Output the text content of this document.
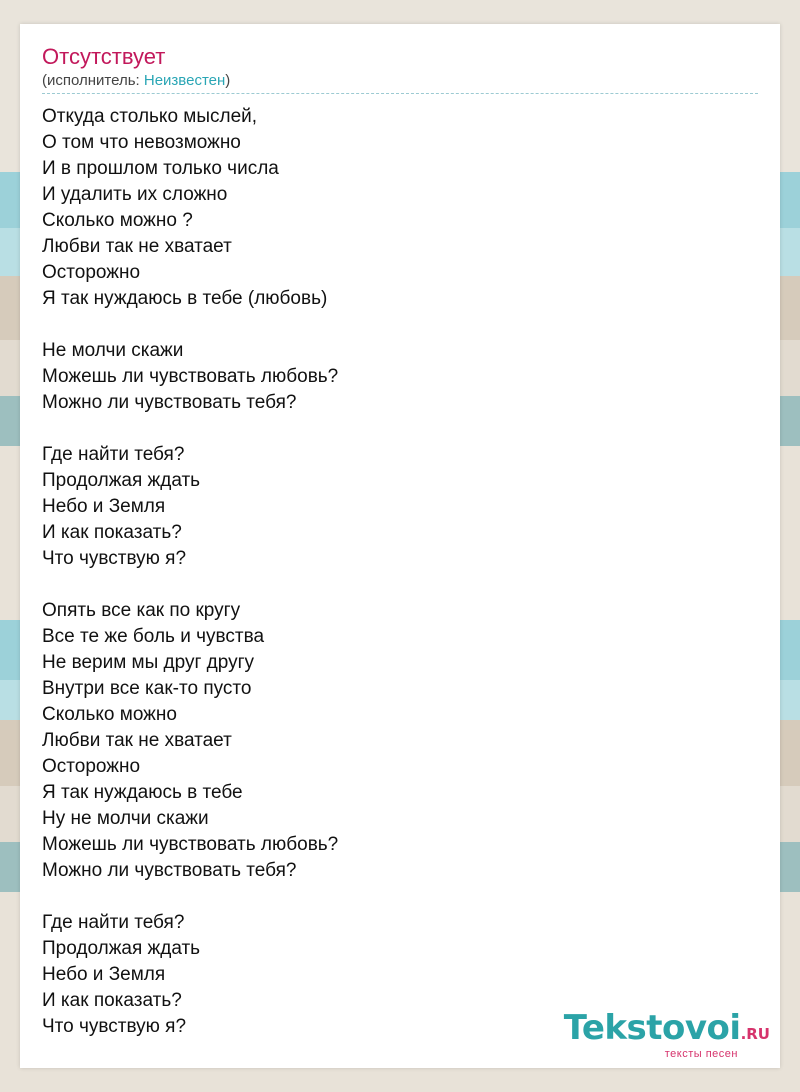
Отсутствует
(исполнитель: Неизвестен)
Откуда столько мыслей,
О том что невозможно
И в прошлом только числа
И удалить их сложно
Сколько можно ?
Любви так не хватает
Осторожно
Я так нуждаюсь в тебе (любовь)
Не молчи скажи
Можешь ли чувствовать любовь?
Можно ли чувствовать тебя?
Где найти тебя?
Продолжая ждать
Небо и Земля
И как показать?
Что чувствую я?
Опять все как по кругу
Все те же боль и чувства
Не верим мы друг другу
Внутри все как-то пусто
Сколько можно
Любви так не хватает
Осторожно
Я так нуждаюсь в тебе
Ну не молчи скажи
Можешь ли чувствовать любовь?
Можно ли чувствовать тебя?
Где найти тебя?
Продолжая ждать
Небо и Земля
И как показать?
Что чувствую я?	Tekstovoi.RU
тексты песен
